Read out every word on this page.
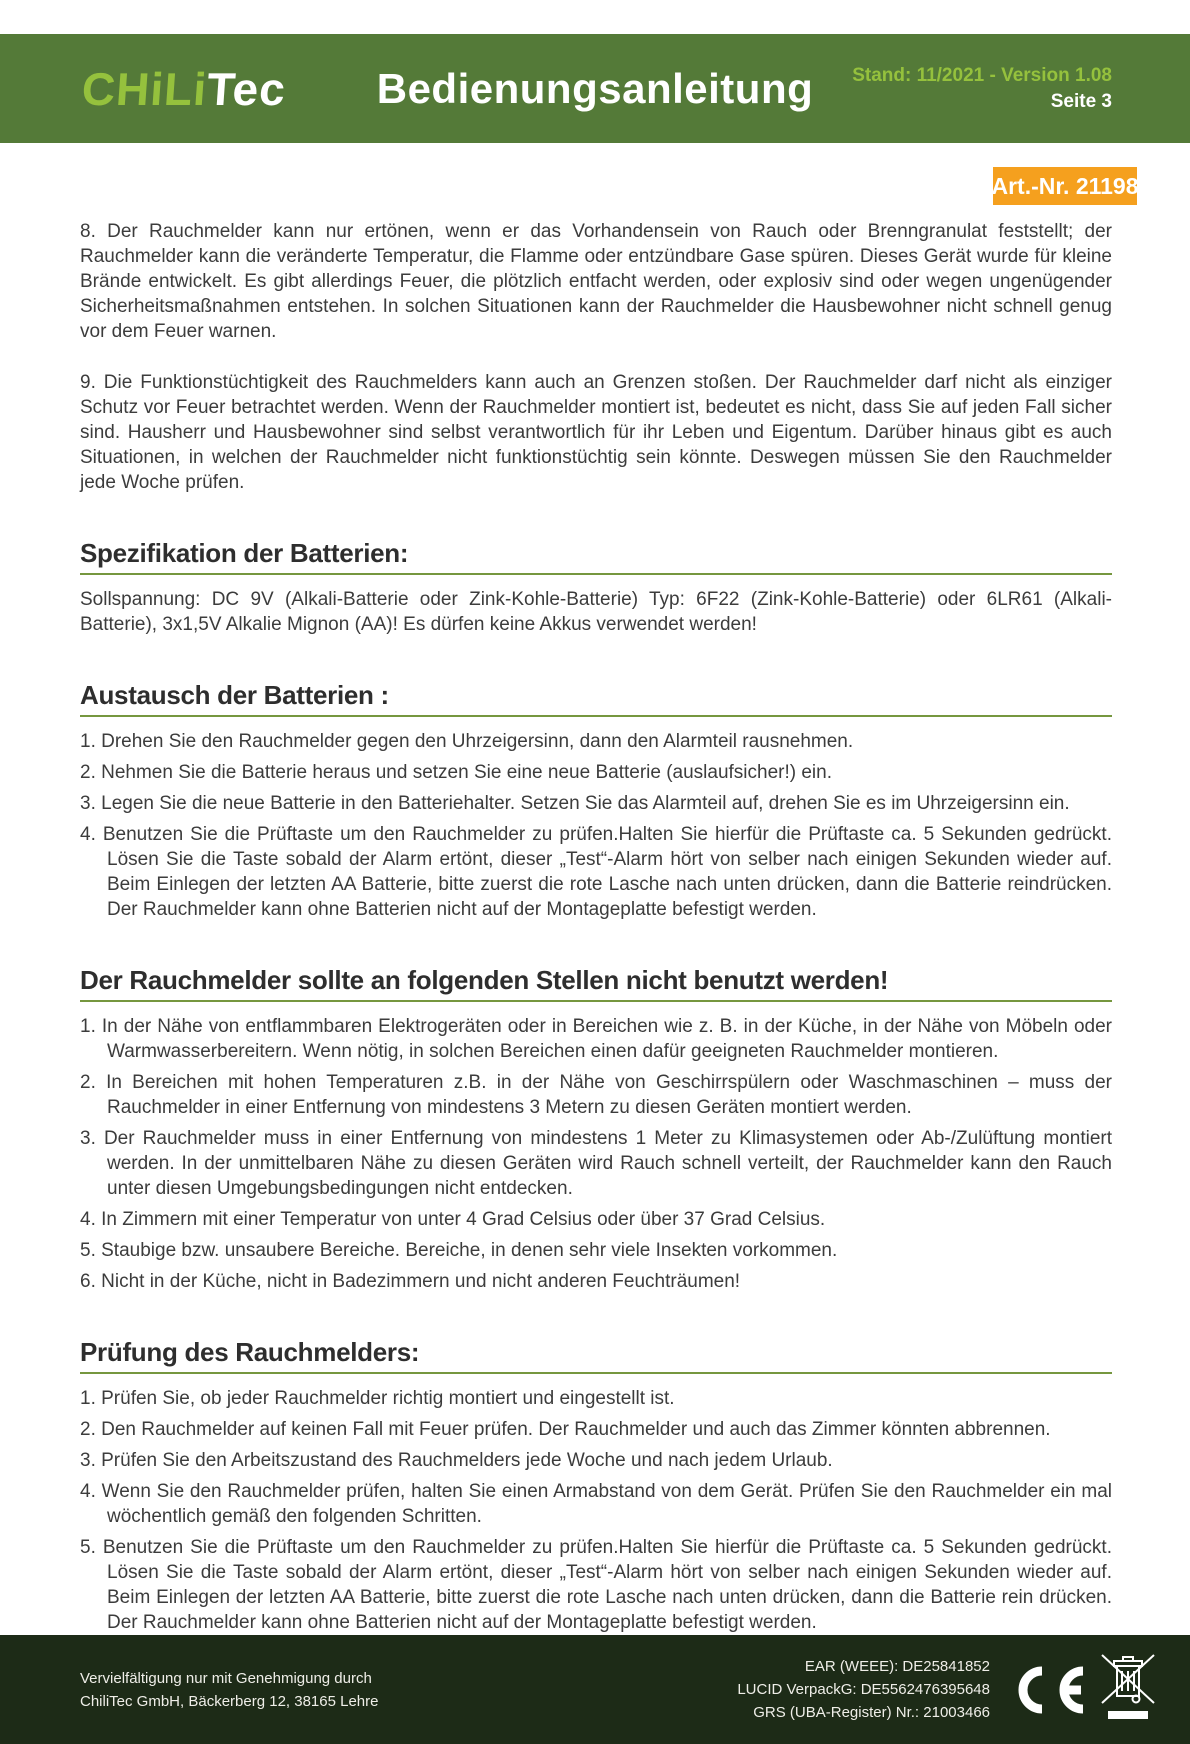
CHiLiTec	Bedienungsanleitung	Stand: 11/2021 - Version 1.08
Seite 3
Art.-Nr. 21198

8. Der Rauchmelder kann nur ertönen, wenn er das Vorhandensein von Rauch oder Brenngranulat feststellt; der Rauchmelder kann die veränderte Temperatur, die Flamme oder entzündbare Gase spüren. Dieses Gerät wurde für kleine Brände entwickelt. Es gibt allerdings Feuer, die plötzlich entfacht werden, oder explosiv sind oder wegen ungenügender Sicherheitsmaßnahmen entstehen. In solchen Situationen kann der Rauchmelder die Hausbewohner nicht schnell genug vor dem Feuer warnen.

9. Die Funktionstüchtigkeit des Rauchmelders kann auch an Grenzen stoßen. Der Rauchmelder darf nicht als einziger Schutz vor Feuer betrachtet werden. Wenn der Rauchmelder montiert ist, bedeutet es nicht, dass Sie auf jeden Fall sicher sind. Hausherr und Hausbewohner sind selbst verantwortlich für ihr Leben und Eigentum. Darüber hinaus gibt es auch Situationen, in welchen der Rauchmelder nicht funktionstüchtig sein könnte. Deswegen müssen Sie den Rauchmelder jede Woche prüfen.

Spezifikation der Batterien:

Sollspannung: DC 9V (Alkali-Batterie oder Zink-Kohle-Batterie) Typ: 6F22 (Zink-Kohle-Batterie) oder 6LR61 (Alkali-Batterie), 3x1,5V Alkalie Mignon (AA)! Es dürfen keine Akkus verwendet werden!

Austausch der Batterien :
1. Drehen Sie den Rauchmelder gegen den Uhrzeigersinn, dann den Alarmteil rausnehmen.
2. Nehmen Sie die Batterie heraus und setzen Sie eine neue Batterie (auslaufsicher!) ein.
3. Legen Sie die neue Batterie in den Batteriehalter. Setzen Sie das Alarmteil auf, drehen Sie es im Uhrzeigersinn ein.
4. Benutzen Sie die Prüftaste um den Rauchmelder zu prüfen.Halten Sie hierfür die Prüftaste ca. 5 Sekunden gedrückt. Lösen Sie die Taste sobald der Alarm ertönt, dieser „Test“-Alarm hört von selber nach einigen Sekunden wieder auf. Beim Einlegen der letzten AA Batterie, bitte zuerst die rote Lasche nach unten drücken, dann die Batterie reindrücken. Der Rauchmelder kann ohne Batterien nicht auf der Montageplatte befestigt werden.
Der Rauchmelder sollte an folgenden Stellen nicht benutzt werden!
1. In der Nähe von entflammbaren Elektrogeräten oder in Bereichen wie z. B. in der Küche, in der Nähe von Möbeln oder Warmwasserbereitern. Wenn nötig, in solchen Bereichen einen dafür geeigneten Rauchmelder montieren.
2. In Bereichen mit hohen Temperaturen z.B. in der Nähe von Geschirrspülern oder Waschmaschinen – muss der Rauchmelder in einer Entfernung von mindestens 3 Metern zu diesen Geräten montiert werden.
3. Der Rauchmelder muss in einer Entfernung von mindestens 1 Meter zu Klimasystemen oder Ab-/Zulüftung montiert werden. In der unmittelbaren Nähe zu diesen Geräten wird Rauch schnell verteilt, der Rauchmelder kann den Rauch unter diesen Umgebungsbedingungen nicht entdecken.
4. In Zimmern mit einer Temperatur von unter 4 Grad Celsius oder über 37 Grad Celsius.
5. Staubige bzw. unsaubere Bereiche. Bereiche, in denen sehr viele Insekten vorkommen.
6. Nicht in der Küche, nicht in Badezimmern und nicht anderen Feuchträumen!
Prüfung des Rauchmelders:
1. Prüfen Sie, ob jeder Rauchmelder richtig montiert und eingestellt ist.
2. Den Rauchmelder auf keinen Fall mit Feuer prüfen. Der Rauchmelder und auch das Zimmer könnten abbrennen.
3. Prüfen Sie den Arbeitszustand des Rauchmelders jede Woche und nach jedem Urlaub.
4. Wenn Sie den Rauchmelder prüfen, halten Sie einen Armabstand von dem Gerät. Prüfen Sie den Rauchmelder ein mal wöchentlich gemäß den folgenden Schritten.
5. Benutzen Sie die Prüftaste um den Rauchmelder zu prüfen.Halten Sie hierfür die Prüftaste ca. 5 Sekunden gedrückt. Lösen Sie die Taste sobald der Alarm ertönt, dieser „Test“-Alarm hört von selber nach einigen Sekunden wieder auf. Beim Einlegen der letzten AA Batterie, bitte zuerst die rote Lasche nach unten drücken, dann die Batterie rein drücken. Der Rauchmelder kann ohne Batterien nicht auf der Montageplatte befestigt werden.
Vervielfältigung nur mit Genehmigung durch
ChiliTec GmbH, Bäckerberg 12, 38165 Lehre
EAR (WEEE): DE25841852
LUCID VerpackG: DE5562476395648
GRS (UBA-Register) Nr.: 21003466
